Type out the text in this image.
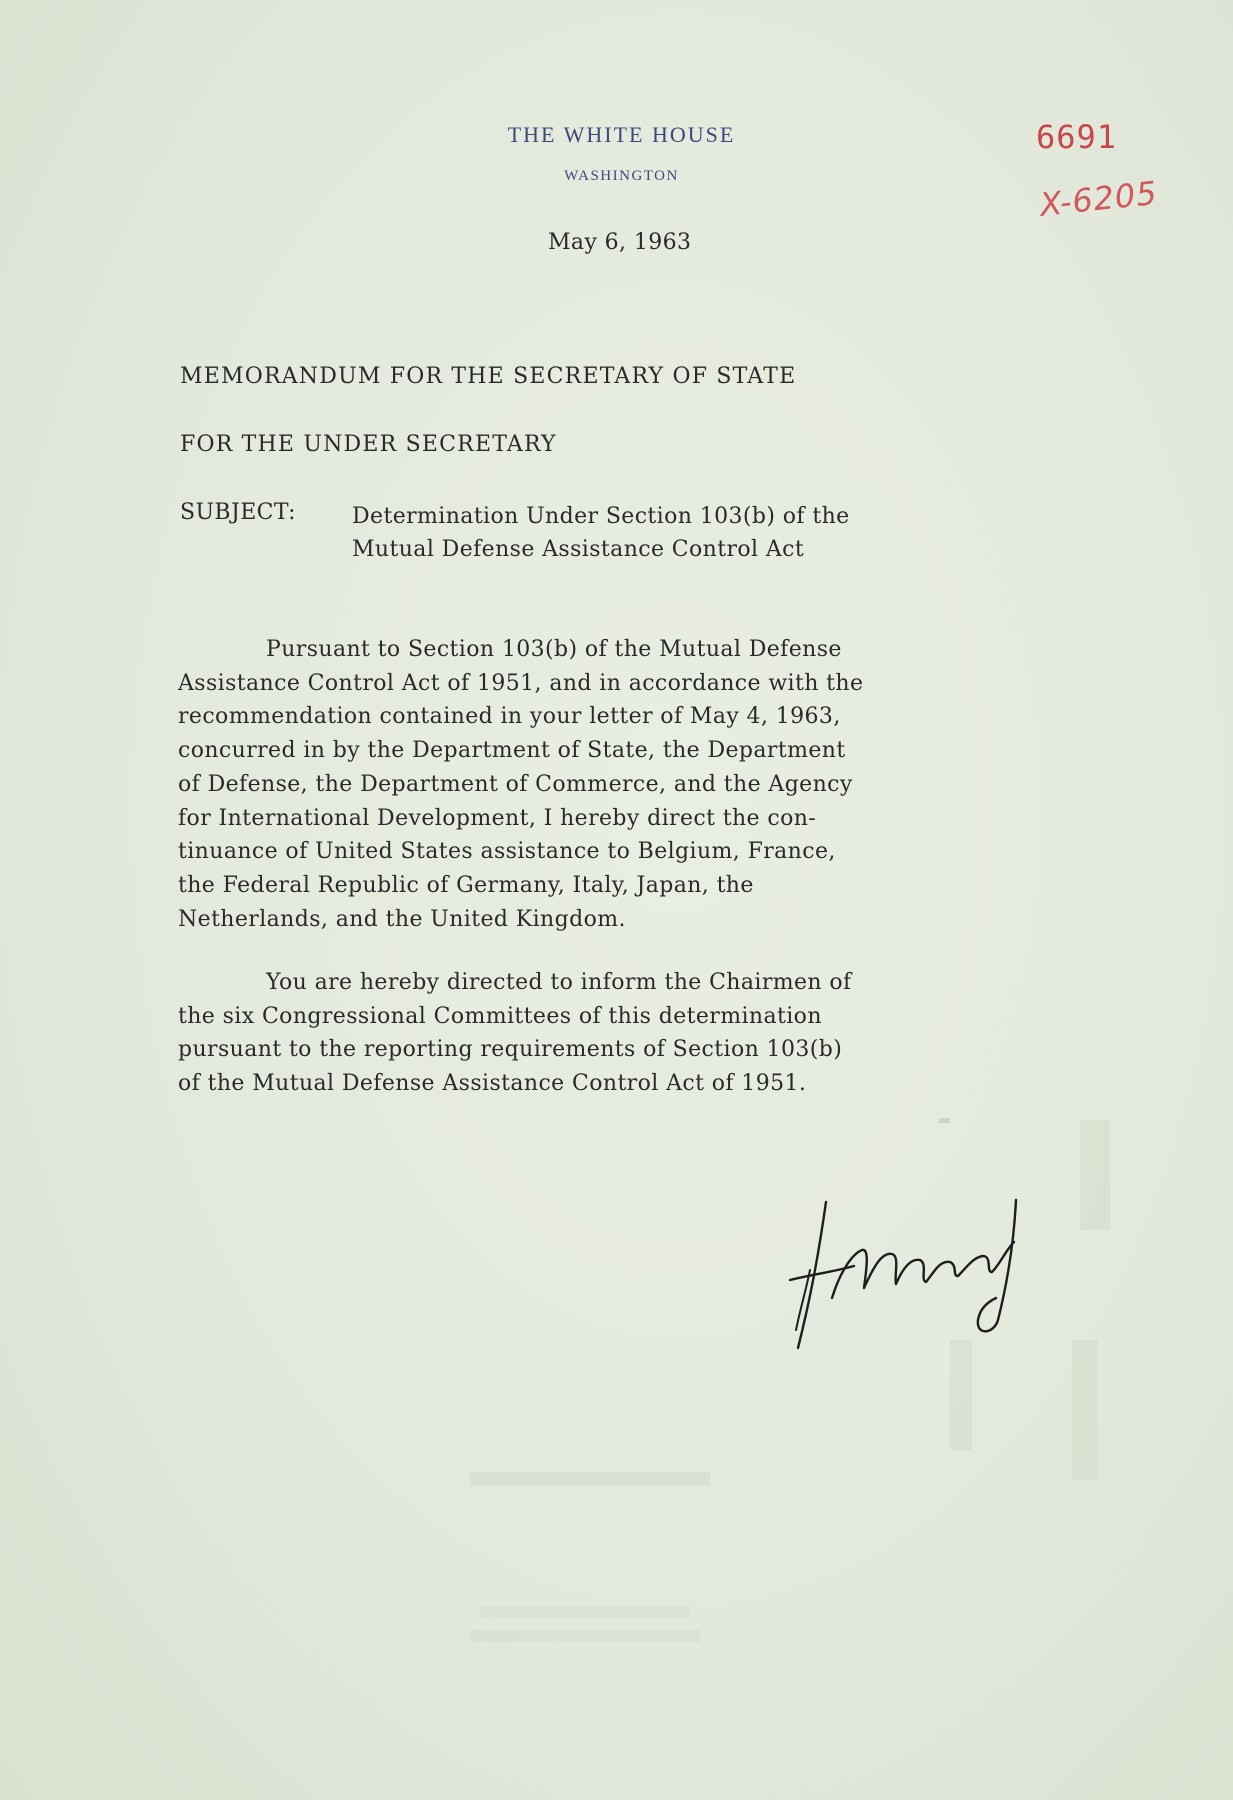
THE WHITE HOUSE
WASHINGTON
6691
X-6205
May 6, 1963
MEMORANDUM FOR THE SECRETARY OF STATE
FOR THE UNDER SECRETARY
SUBJECT:	Determination Under Section 103(b) of the
Mutual Defense Assistance Control Act
Pursuant to Section 103(b) of the Mutual Defense
Assistance Control Act of 1951, and in accordance with the
recommendation contained in your letter of May 4, 1963,
concurred in by the Department of State, the Department
of Defense, the Department of Commerce, and the Agency
for International Development, I hereby direct the con-
tinuance of United States assistance to Belgium, France,
the Federal Republic of Germany, Italy, Japan, the
Netherlands, and the United Kingdom.
You are hereby directed to inform the Chairmen of
the six Congressional Committees of this determination
pursuant to the reporting requirements of Section 103(b)
of the Mutual Defense Assistance Control Act of 1951.
▮
